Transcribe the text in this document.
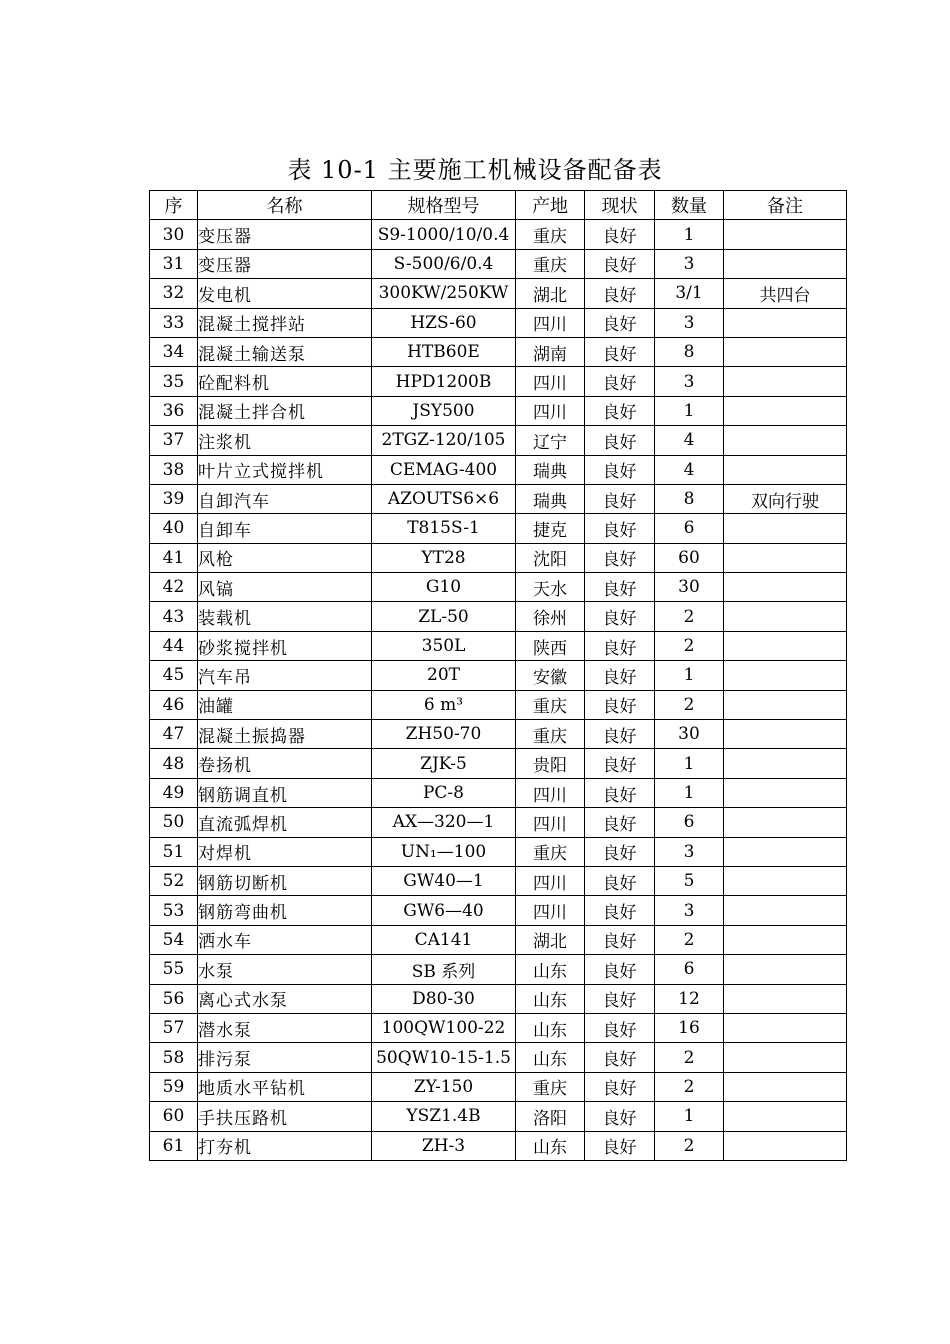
表 10-1 主要施工机械设备配备表
序	名称	规格型号	产地	现状	数量	备注
30	变压器	S9-1000/10/0.4	重庆	良好	1	
31	变压器	S-500/6/0.4	重庆	良好	3	
32	发电机	300KW/250KW	湖北	良好	3/1	共四台
33	混凝土搅拌站	HZS-60	四川	良好	3	
34	混凝土输送泵	HTB60E	湖南	良好	8	
35	砼配料机	HPD1200B	四川	良好	3	
36	混凝土拌合机	JSY500	四川	良好	1	
37	注浆机	2TGZ-120/105	辽宁	良好	4	
38	叶片立式搅拌机	CEMAG-400	瑞典	良好	4	
39	自卸汽车	AZOUTS6×6	瑞典	良好	8	双向行驶
40	自卸车	T815S-1	捷克	良好	6	
41	风枪	YT28	沈阳	良好	60	
42	风镐	G10	天水	良好	30	
43	装载机	ZL-50	徐州	良好	2	
44	砂浆搅拌机	350L	陕西	良好	2	
45	汽车吊	20T	安徽	良好	1	
46	油罐	6 m³	重庆	良好	2	
47	混凝土振捣器	ZH50-70	重庆	良好	30	
48	卷扬机	ZJK-5	贵阳	良好	1	
49	钢筋调直机	PC-8	四川	良好	1	
50	直流弧焊机	AX—320—1	四川	良好	6	
51	对焊机	UN₁—100	重庆	良好	3	
52	钢筋切断机	GW40—1	四川	良好	5	
53	钢筋弯曲机	GW6—40	四川	良好	3	
54	洒水车	CA141	湖北	良好	2	
55	水泵	SB 系列	山东	良好	6	
56	离心式水泵	D80-30	山东	良好	12	
57	潜水泵	100QW100-22	山东	良好	16	
58	排污泵	50QW10-15-1.5	山东	良好	2	
59	地质水平钻机	ZY-150	重庆	良好	2	
60	手扶压路机	YSZ1.4B	洛阳	良好	1	
61	打夯机	ZH-3	山东	良好	2	
